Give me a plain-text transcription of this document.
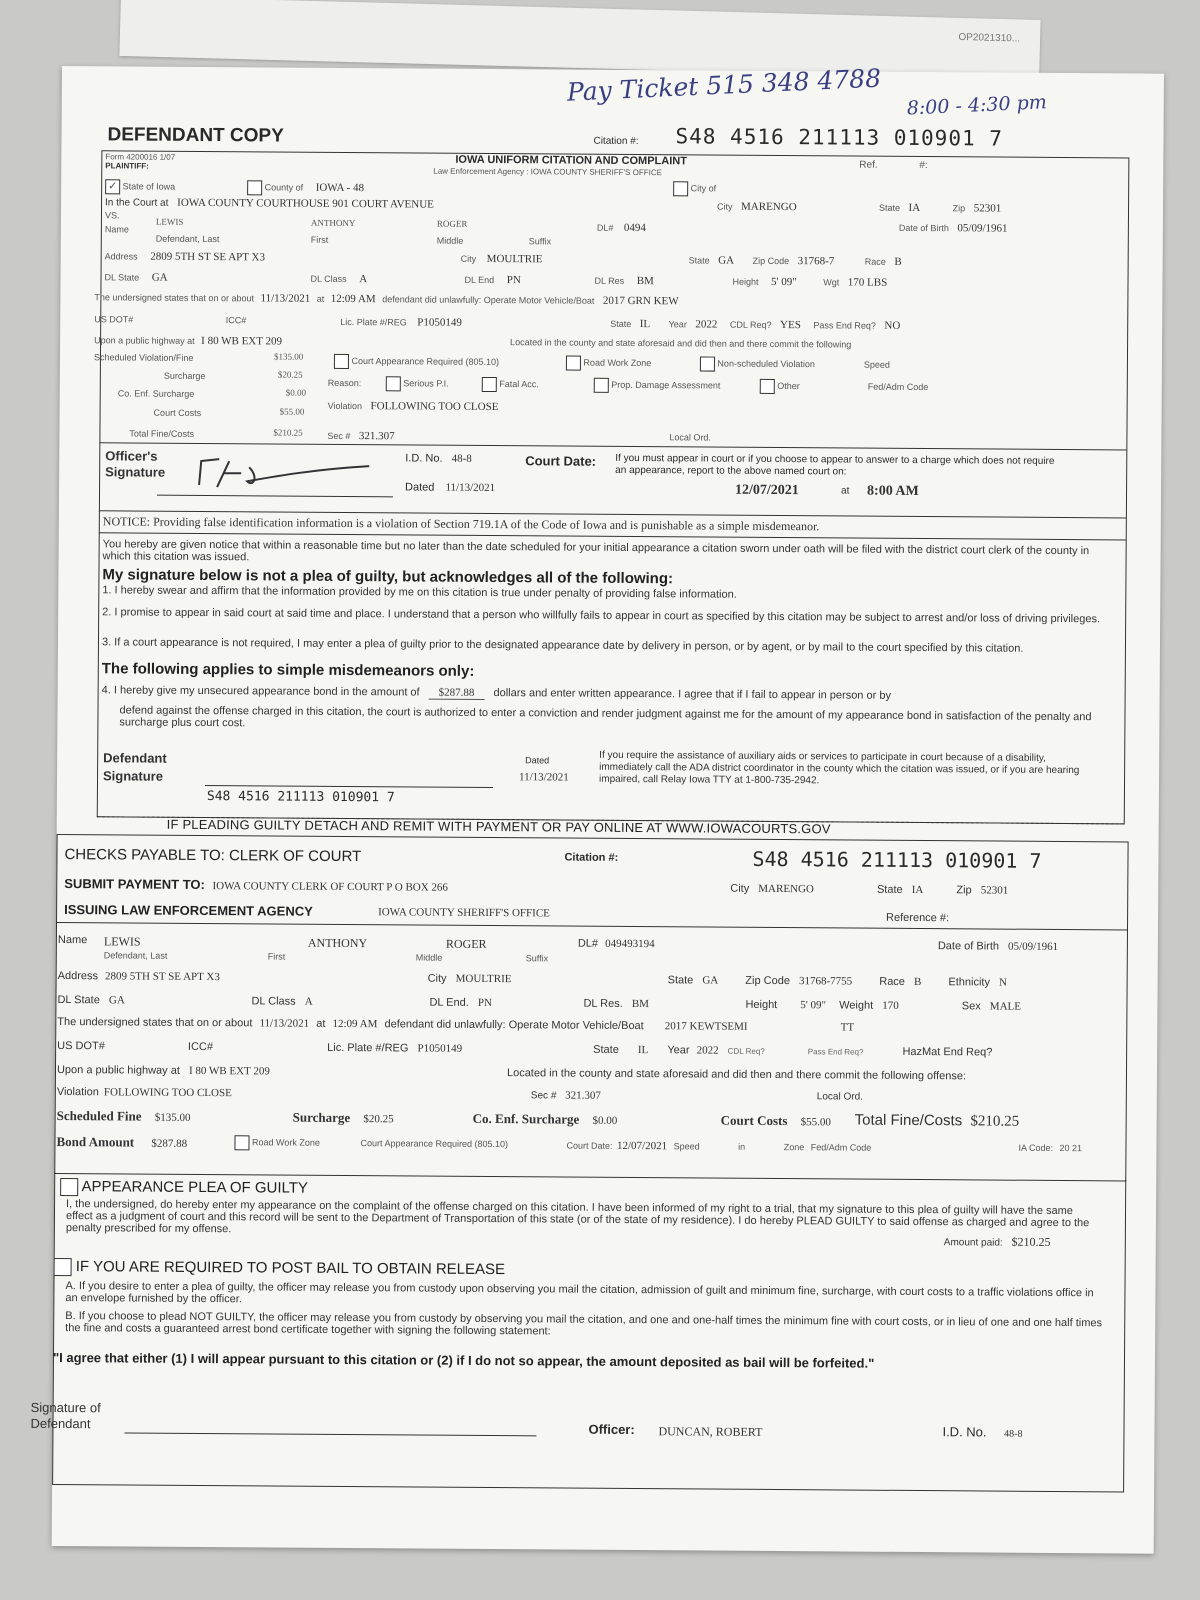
OP2021310...
Pay Ticket 515 348 4788 8:00 - 4:30 pm
DEFENDANT COPY	Citation #: S48 4516 211113 010901 7
Form 4200016 1/07
PLAINTIFF:	IOWA UNIFORM CITATION AND COMPLAINT
Law Enforcement Agency : IOWA COUNTY SHERIFF'S OFFICE
Ref.	#:
✓ State of Iowa	County of IOWA - 48	City of
In the Court at IOWA COUNTY COURTHOUSE 901 COURT AVENUE	City MARENGO	State IA	Zip 52301
VS.
Name
LEWIS	ANTHONY	ROGER	DL# 0494	Date of Birth 05/09/1961
Defendant, Last	First	Middle	Suffix
Address 2809 5TH ST SE APT X3	City MOULTRIE	State GA Zip Code 31768-7	Race B
DL State GA	DL Class A	DL End PN	DL Res BM	Height 5' 09"	Wgt 170 LBS
The undersigned states that on or about 11/13/2021 at 12:09 AM defendant did unlawfully: Operate Motor Vehicle/Boat 2017 GRN KEW
US DOT#	ICC#	Lic. Plate #/REG P1050149	State IL Year 2022 CDL Req? YES Pass End Req? NO
Upon a public highway at I 80 WB EXT 209	Located in the county and state aforesaid and did then and there commit the following
Scheduled Violation/Fine	$135.00
Surcharge	$20.25
Co. Enf. Surcharge	$0.00
Court Costs	$55.00
Total Fine/Costs	$210.25	Sec # 321.307	Local Ord.
Court Appearance Required (805.10)	Road Work Zone	Non-scheduled Violation	Speed
Reason:	Serious P.I.	Fatal Acc.	Prop. Damage Assessment	Other	Fed/Adm Code
Violation FOLLOWING TOO CLOSE
Officer's
Signature
I.D. No. 48-8
Dated 11/13/2021
Court Date: If you must appear in court or if you choose to appear to answer to a charge which does not require an appearance, report to the above named court on:
12/07/2021	at 8:00 AM
NOTICE: Providing false identification information is a violation of Section 719.1A of the Code of Iowa and is punishable as a simple misdemeanor.
You hereby are given notice that within a reasonable time but no later than the date scheduled for your initial appearance a citation sworn under oath will be filed with the district court clerk of the county in which this citation was issued.
My signature below is not a plea of guilty, but acknowledges all of the following:
1. I hereby swear and affirm that the information provided by me on this citation is true under penalty of providing false information.
2. I promise to appear in said court at said time and place. I understand that a person who willfully fails to appear in court as specified by this citation may be subject to arrest and/or loss of driving privileges.
3. If a court appearance is not required, I may enter a plea of guilty prior to the designated appearance date by delivery in person, or by agent, or by mail to the court specified by this citation.
The following applies to simple misdemeanors only:
4. I hereby give my unsecured appearance bond in the amount of $287.88 dollars and enter written appearance. I agree that if I fail to appear in person or by
defend against the offense charged in this citation, the court is authorized to enter a conviction and render judgment against me for the amount of my appearance bond in satisfaction of the penalty and surcharge plus court cost.
Defendant
Signature
Dated
11/13/2021
If you require the assistance of auxiliary aids or services to participate in court because of a disability, immediately call the ADA district coordinator in the county which the citation was issued, or if you are hearing impaired, call Relay Iowa TTY at 1-800-735-2942.
S48 4516 211113 010901 7
IF PLEADING GUILTY DETACH AND REMIT WITH PAYMENT OR PAY ONLINE AT WWW.IOWACOURTS.GOV
CHECKS PAYABLE TO: CLERK OF COURT	Citation #:	S48 4516 211113 010901 7
SUBMIT PAYMENT TO: IOWA COUNTY CLERK OF COURT P O BOX 266	City MARENGO	State IA	Zip 52301
ISSUING LAW ENFORCEMENT AGENCY	IOWA COUNTY SHERIFF'S OFFICE	Reference #:
Name LEWIS	ANTHONY	ROGER	DL# 049493194	Date of Birth 05/09/1961
Defendant, Last	First	Middle	Suffix
Address 2809 5TH ST SE APT X3	City MOULTRIE	State GA Zip Code 31768-7755 Race B Ethnicity N
DL State GA	DL Class A	DL End. PN	DL Res. BM	Height 5' 09" Weight 170	Sex MALE
The undersigned states that on or about 11/13/2021 at 12:09 AM defendant did unlawfully: Operate Motor Vehicle/Boat 2017 KEWTSEMI	TT
US DOT#	ICC#	Lic. Plate #/REG P1050149	State IL Year 2022 CDL Req?	Pass End Req?	HazMat End Req?
Upon a public highway at I 80 WB EXT 209	Located in the county and state aforesaid and did then and there commit the following offense:
Violation FOLLOWING TOO CLOSE	Sec # 321.307	Local Ord.
Scheduled Fine $135.00	Surcharge $20.25	Co. Enf. Surcharge $0.00	Court Costs $55.00 Total Fine/Costs $210.25
Bond Amount $287.88	Road Work Zone	Court Appearance Required (805.10)	Court Date: 12/07/2021 Speed	in	Zone Fed/Adm Code	IA Code: 20 21
APPEARANCE PLEA OF GUILTY
I, the undersigned, do hereby enter my appearance on the complaint of the offense charged on this citation. I have been informed of my right to a trial, that my signature to this plea of guilty will have the same effect as a judgment of court and this record will be sent to the Department of Transportation of this state (or of the state of my residence). I do hereby PLEAD GUILTY to said offense as charged and agree to the penalty prescribed for my offense.
Amount paid: $210.25
IF YOU ARE REQUIRED TO POST BAIL TO OBTAIN RELEASE
A. If you desire to enter a plea of guilty, the officer may release you from custody upon observing you mail the citation, admission of guilt and minimum fine, surcharge, with court costs to a traffic violations office in an envelope furnished by the officer.
B. If you choose to plead NOT GUILTY, the officer may release you from custody by observing you mail the citation, and one and one-half times the minimum fine with court costs, or in lieu of one and one half times the fine and costs a guaranteed arrest bond certificate together with signing the following statement:
"I agree that either (1) I will appear pursuant to this citation or (2) if I do not so appear, the amount deposited as bail will be forfeited."
Signature of
Defendant	Officer: DUNCAN, ROBERT	I.D. No. 48-8
